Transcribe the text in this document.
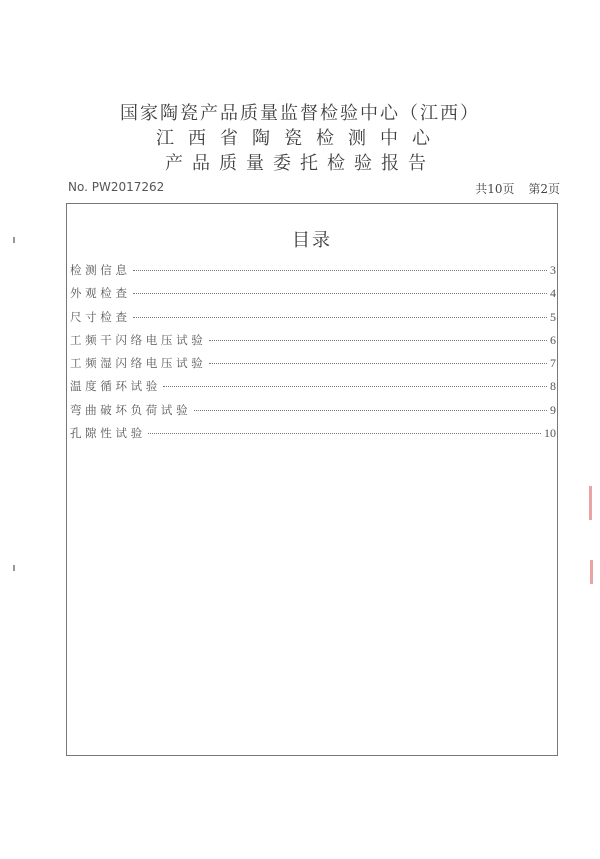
国家陶瓷产品质量监督检验中心（江西）
江西省陶瓷检测中心
产品质量委托检验报告
No. PW2017262	共10页 第2页
目录
检 测 信 息	3
外 观 检 查	4
尺 寸 检 查	5
工 频 干 闪 络 电 压 试 验	6
工 频 湿 闪 络 电 压 试 验	7
温 度 循 环 试 验	8
弯 曲 破 坏 负 荷 试 验	9
孔 隙 性 试 验	10
